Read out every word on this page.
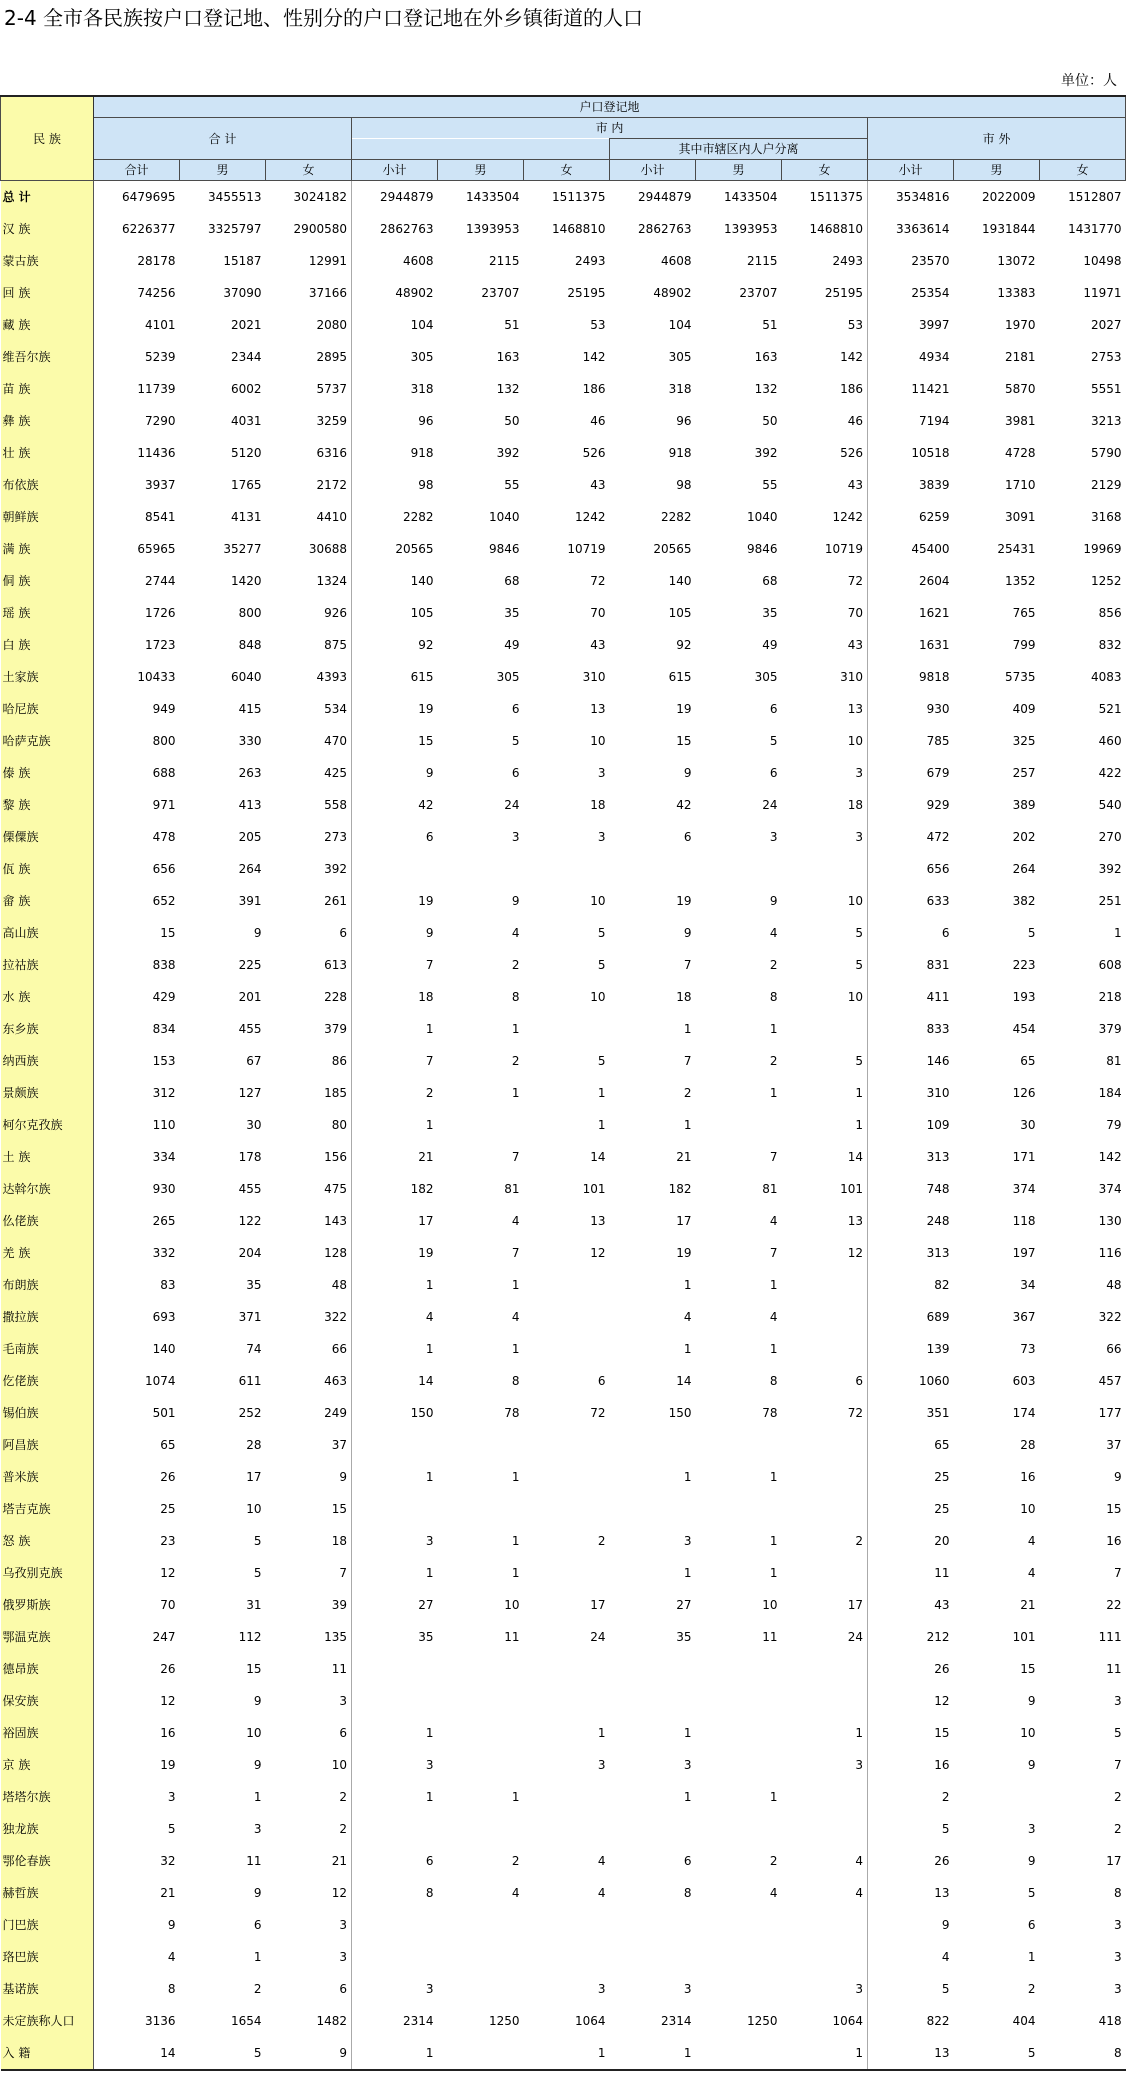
2-4 全市各民族按户口登记地、性别分的户口登记地在外乡镇街道的人口
单位：人
民 族	户口登记地											
	合 计			市 内						市 外		
							其中市辖区内人户分离					
	合计	男	女	小计	男	女	小计	男	女	小计	男	女
总 计	6479695	3455513	3024182	2944879	1433504	1511375	2944879	1433504	1511375	3534816	2022009	1512807
汉 族	6226377	3325797	2900580	2862763	1393953	1468810	2862763	1393953	1468810	3363614	1931844	1431770
蒙古族	28178	15187	12991	4608	2115	2493	4608	2115	2493	23570	13072	10498
回 族	74256	37090	37166	48902	23707	25195	48902	23707	25195	25354	13383	11971
藏 族	4101	2021	2080	104	51	53	104	51	53	3997	1970	2027
维吾尔族	5239	2344	2895	305	163	142	305	163	142	4934	2181	2753
苗 族	11739	6002	5737	318	132	186	318	132	186	11421	5870	5551
彝 族	7290	4031	3259	96	50	46	96	50	46	7194	3981	3213
壮 族	11436	5120	6316	918	392	526	918	392	526	10518	4728	5790
布依族	3937	1765	2172	98	55	43	98	55	43	3839	1710	2129
朝鲜族	8541	4131	4410	2282	1040	1242	2282	1040	1242	6259	3091	3168
满 族	65965	35277	30688	20565	9846	10719	20565	9846	10719	45400	25431	19969
侗 族	2744	1420	1324	140	68	72	140	68	72	2604	1352	1252
瑶 族	1726	800	926	105	35	70	105	35	70	1621	765	856
白 族	1723	848	875	92	49	43	92	49	43	1631	799	832
土家族	10433	6040	4393	615	305	310	615	305	310	9818	5735	4083
哈尼族	949	415	534	19	6	13	19	6	13	930	409	521
哈萨克族	800	330	470	15	5	10	15	5	10	785	325	460
傣 族	688	263	425	9	6	3	9	6	3	679	257	422
黎 族	971	413	558	42	24	18	42	24	18	929	389	540
傈僳族	478	205	273	6	3	3	6	3	3	472	202	270
佤 族	656	264	392							656	264	392
畲 族	652	391	261	19	9	10	19	9	10	633	382	251
高山族	15	9	6	9	4	5	9	4	5	6	5	1
拉祜族	838	225	613	7	2	5	7	2	5	831	223	608
水 族	429	201	228	18	8	10	18	8	10	411	193	218
东乡族	834	455	379	1	1		1	1		833	454	379
纳西族	153	67	86	7	2	5	7	2	5	146	65	81
景颇族	312	127	185	2	1	1	2	1	1	310	126	184
柯尔克孜族	110	30	80	1		1	1		1	109	30	79
土 族	334	178	156	21	7	14	21	7	14	313	171	142
达斡尔族	930	455	475	182	81	101	182	81	101	748	374	374
仫佬族	265	122	143	17	4	13	17	4	13	248	118	130
羌 族	332	204	128	19	7	12	19	7	12	313	197	116
布朗族	83	35	48	1	1		1	1		82	34	48
撒拉族	693	371	322	4	4		4	4		689	367	322
毛南族	140	74	66	1	1		1	1		139	73	66
仡佬族	1074	611	463	14	8	6	14	8	6	1060	603	457
锡伯族	501	252	249	150	78	72	150	78	72	351	174	177
阿昌族	65	28	37							65	28	37
普米族	26	17	9	1	1		1	1		25	16	9
塔吉克族	25	10	15							25	10	15
怒 族	23	5	18	3	1	2	3	1	2	20	4	16
乌孜别克族	12	5	7	1	1		1	1		11	4	7
俄罗斯族	70	31	39	27	10	17	27	10	17	43	21	22
鄂温克族	247	112	135	35	11	24	35	11	24	212	101	111
德昂族	26	15	11							26	15	11
保安族	12	9	3							12	9	3
裕固族	16	10	6	1		1	1		1	15	10	5
京 族	19	9	10	3		3	3		3	16	9	7
塔塔尔族	3	1	2	1	1		1	1		2		2
独龙族	5	3	2							5	3	2
鄂伦春族	32	11	21	6	2	4	6	2	4	26	9	17
赫哲族	21	9	12	8	4	4	8	4	4	13	5	8
门巴族	9	6	3							9	6	3
珞巴族	4	1	3							4	1	3
基诺族	8	2	6	3		3	3		3	5	2	3
未定族称人口	3136	1654	1482	2314	1250	1064	2314	1250	1064	822	404	418
入 籍	14	5	9	1		1	1		1	13	5	8
